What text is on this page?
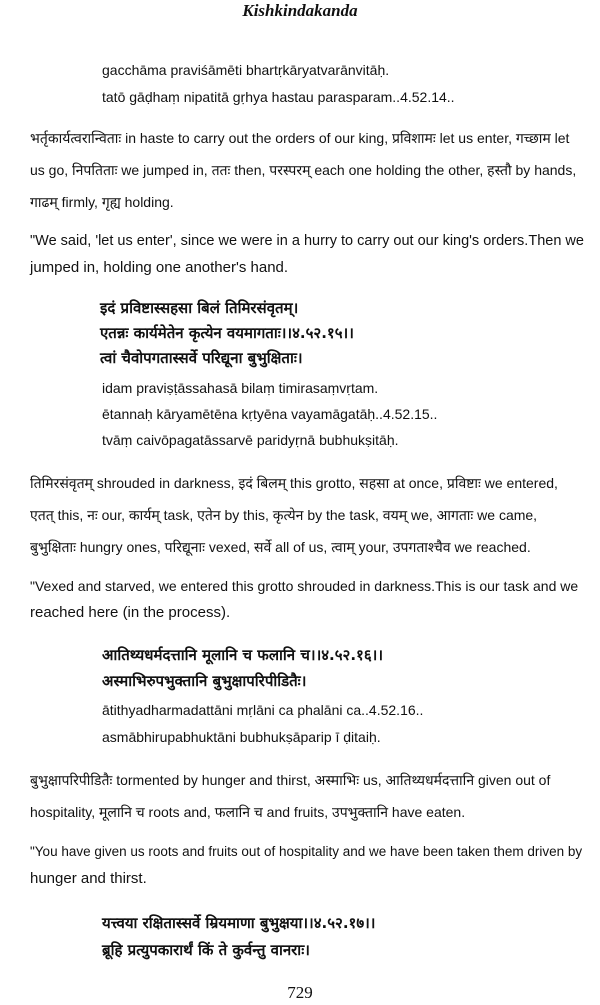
Kishkindakanda
gacchāma praviśāmēti bhartṛkāryatvarānvitāḥ.
tatō gāḍhaṃ nipatitā gṛhya hastau parasparam..4.52.14..
भर्तृकार्यत्वरान्विताः in haste to carry out the orders of our king, प्रविशामः let us enter, गच्छाम let
us go, निपतिताः we jumped in, ततः then, परस्परम् each one holding the other, हस्तौ by hands,
गाढम् firmly, गृह्य holding.
"We said, 'let us enter', since we were in a hurry to carry out our king's orders.Then we
jumped in, holding one another's hand.
इदं प्रविष्टास्सहसा बिलं तिमिरसंवृतम्।
एतन्नः कार्यमेतेन कृत्येन वयमागताः।।४.५२.१५।।
त्वां चैवोपगतास्सर्वे परिद्यूना बुभुक्षिताः।
idam praviṣṭāssahasā bilaṃ timirasaṃvṛtam.
ētannaḥ kāryamētēna kṛtyēna vayamāgatāḥ..4.52.15..
tvāṃ caivōpagatāssarvē paridyṛnā bubhukṣitāḥ.
तिमिरसंवृतम् shrouded in darkness, इदं बिलम् this grotto, सहसा at once, प्रविष्टाः we entered,
एतत् this, नः our, कार्यम् task, एतेन by this, कृत्येन by the task, वयम् we, आगताः we came,
बुभुक्षिताः hungry ones, परिद्यूनाः vexed, सर्वे all of us, त्वाम् your, उपगताश्चैव we reached.
"Vexed and starved, we entered this grotto shrouded in darkness.This is our task and we
reached here (in the process).
आतिथ्यधर्मदत्तानि मूलानि च फलानि च।।४.५२.१६।।
अस्माभिरुपभुक्तानि बुभुक्षापरिपीडितैः।
ātithyadharmadattāni mṛlāni ca phalāni ca..4.52.16..
asmābhirupabhuktāni bubhukṣāparip ī ḍitaiḥ.
बुभुक्षापरिपीडितैः tormented by hunger and thirst, अस्माभिः us, आतिथ्यधर्मदत्तानि given out of
hospitality, मूलानि च roots and, फलानि च and fruits, उपभुक्तानि have eaten.
"You have given us roots and fruits out of hospitality and we have been taken them driven by
hunger and thirst.
यत्त्वया रक्षितास्सर्वे म्रियमाणा बुभुक्षया।।४.५२.१७।।
ब्रूहि प्रत्युपकारार्थं किं ते कुर्वन्तु वानराः।
729
